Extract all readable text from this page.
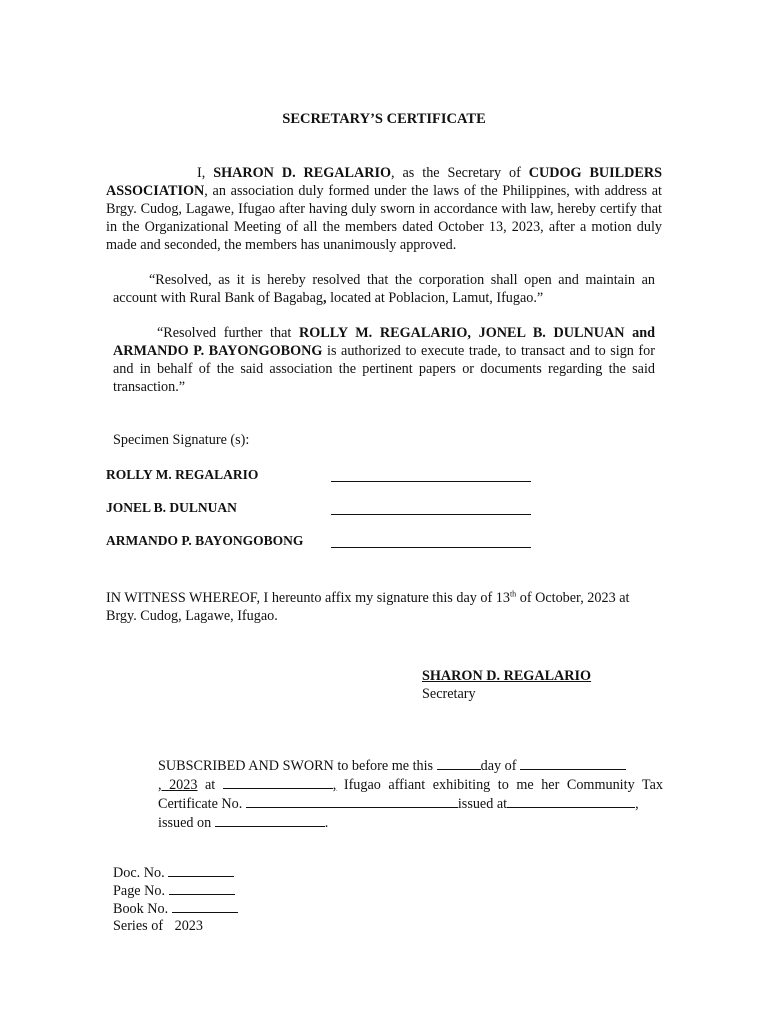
SECRETARY’S CERTIFICATE
I, SHARON D. REGALARIO, as the Secretary of CUDOG BUILDERS ASSOCIATION, an association duly formed under the laws of the Philippines, with address at Brgy. Cudog, Lagawe, Ifugao after having duly sworn in accordance with law, hereby certify that in the Organizational Meeting of all the members dated October 13, 2023, after a motion duly made and seconded, the members has unanimously approved.
“Resolved, as it is hereby resolved that the corporation shall open and maintain an account with Rural Bank of Bagabag, located at Poblacion, Lamut, Ifugao.”
“Resolved further that ROLLY M. REGALARIO, JONEL B. DULNUAN and ARMANDO P. BAYONGOBONG is authorized to execute trade, to transact and to sign for and in behalf of the said association the pertinent papers or documents regarding the said transaction.”
Specimen Signature (s):
ROLLY M. REGALARIO
JONEL B. DULNUAN
ARMANDO P. BAYONGOBONG
IN WITNESS WHEREOF, I hereunto affix my signature this day of 13th of October, 2023 at Brgy. Cudog, Lagawe, Ifugao.
SHARON D. REGALARIO
Secretary
SUBSCRIBED AND SWORN to before me this	day of
, 2023 at	, Ifugao affiant exhibiting to me her Community Tax Certificate No.	issued at	,
issued on	.
Doc. No.
Page No.
Book No.
Series of 2023
